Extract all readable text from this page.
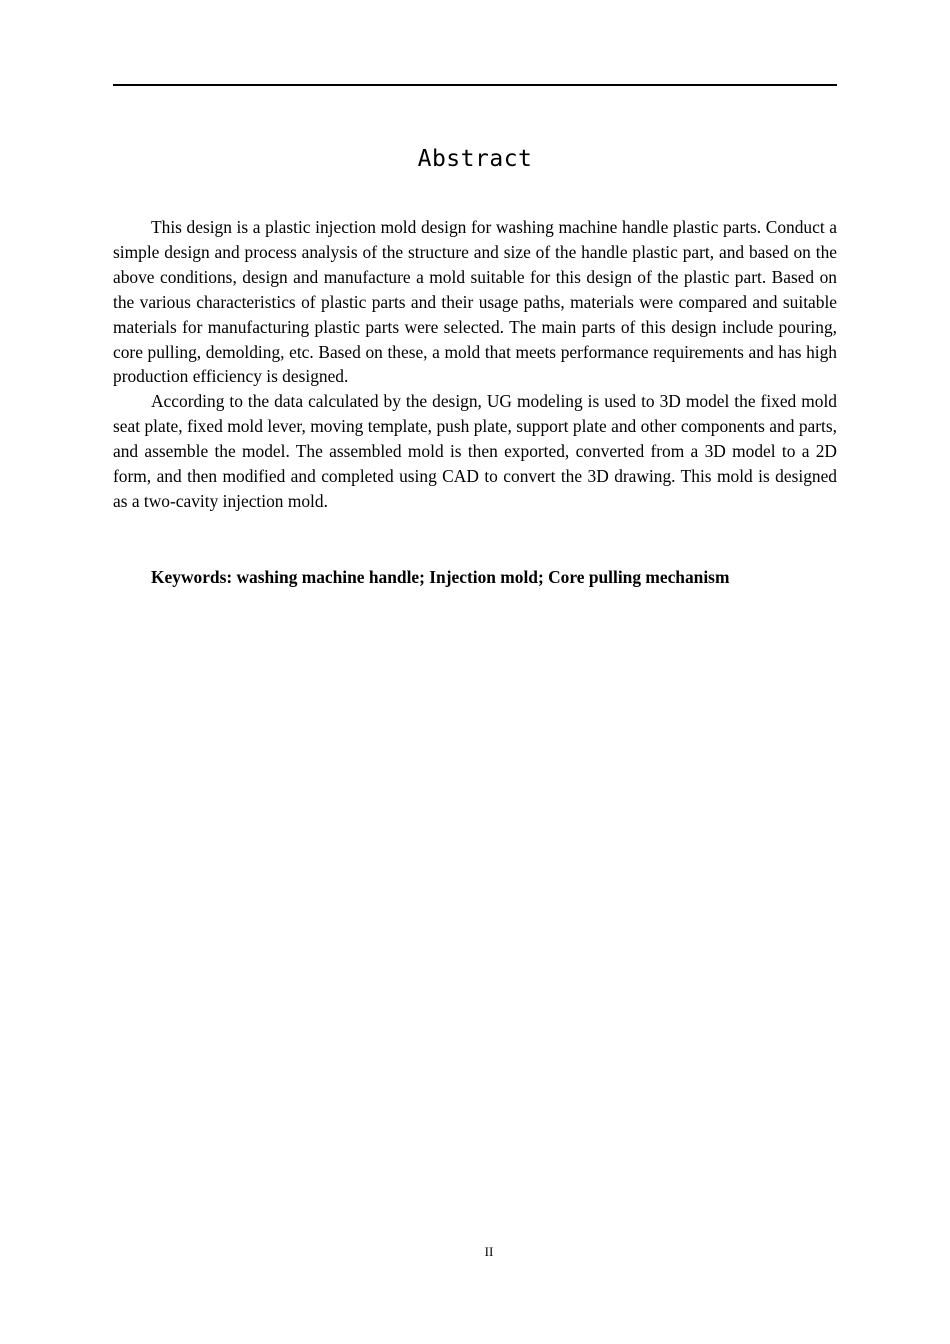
Abstract

This design is a plastic injection mold design for washing machine handle plastic parts. Conduct a simple design and process analysis of the structure and size of the handle plastic part, and based on the above conditions, design and manufacture a mold suitable for this design of the plastic part. Based on the various characteristics of plastic parts and their usage paths, materials were compared and suitable materials for manufacturing plastic parts were selected. The main parts of this design include pouring, core pulling, demolding, etc. Based on these, a mold that meets performance requirements and has high production efficiency is designed.

According to the data calculated by the design, UG modeling is used to 3D model the fixed mold seat plate, fixed mold lever, moving template, push plate, support plate and other components and parts, and assemble the model. The assembled mold is then exported, converted from a 3D model to a 2D form, and then modified and completed using CAD to convert the 3D drawing. This mold is designed as a two-cavity injection mold.

Keywords: washing machine handle; Injection mold; Core pulling mechanism

II
